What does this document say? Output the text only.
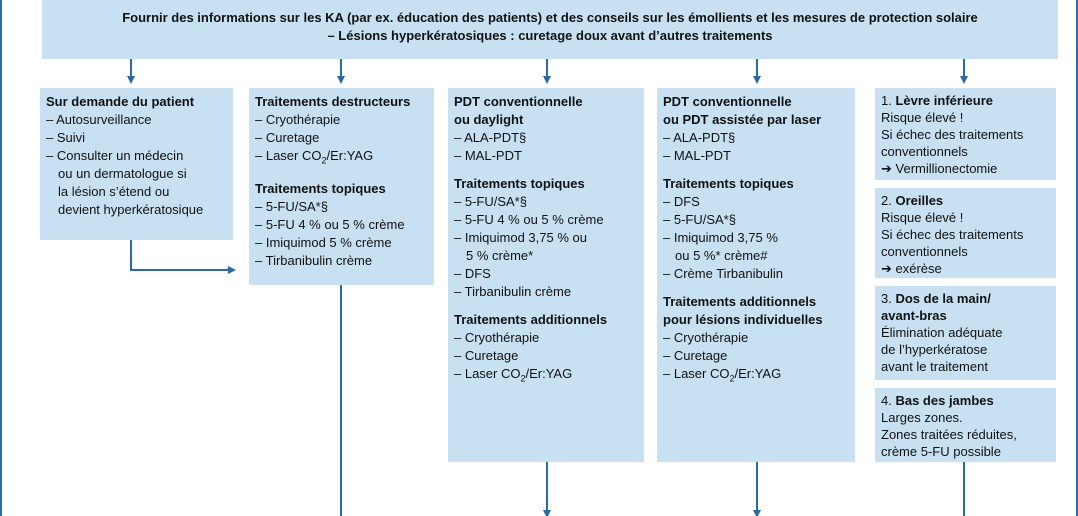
Fournir des informations sur les KA (par ex. éducation des patients) et des conseils sur les émollients et les mesures de protection solaire
– Lésions hyperkératosiques : curetage doux avant d’autres traitements
Sur demande du patient
– Autosurveillance
– Suivi
– Consulter un médecin
ou un dermatologue si
la lésion s’étend ou
devient hyperkératosique
Traitements destructeurs
– Cryothérapie
– Curetage
– Laser $CO_2/Er:YAG$
Traitements topiques
– 5-FU/SA*§
– 5-FU 4 % ou 5 % crème
– Imiquimod 5 % crème
– Tirbanibulin crème
PDT conventionnelle
ou daylight
– ALA-PDT§
– MAL-PDT
Traitements topiques
– 5-FU/SA*§
– 5-FU 4 % ou 5 % crème
– Imiquimod 3,75 % ou
5 % crème*
– DFS
– Tirbanibulin crème
Traitements additionnels
– Cryothérapie
– Curetage
– Laser $CO_2/Er:YAG$
PDT conventionnelle
ou PDT assistée par laser
– ALA-PDT§
– MAL-PDT
Traitements topiques
– DFS
– 5-FU/SA*§
– Imiquimod 3,75 %
ou 5 %* crème#
– Crème Tirbanibulin
Traitements additionnels
pour lésions individuelles
– Cryothérapie
– Curetage
– Laser $CO_2/Er:YAG$
1. Lèvre inférieure
Risque élevé !
Si échec des traitements
conventionnels
➔ Vermillionectomie
2. Oreilles
Risque élevé !
Si échec des traitements
conventionnels
➔ exérèse
3. Dos de la main/
avant-bras
Élimination adéquate
de l’hyperkératose
avant le traitement
4. Bas des jambes
Larges zones.
Zones traitées réduites,
crème 5-FU possible
